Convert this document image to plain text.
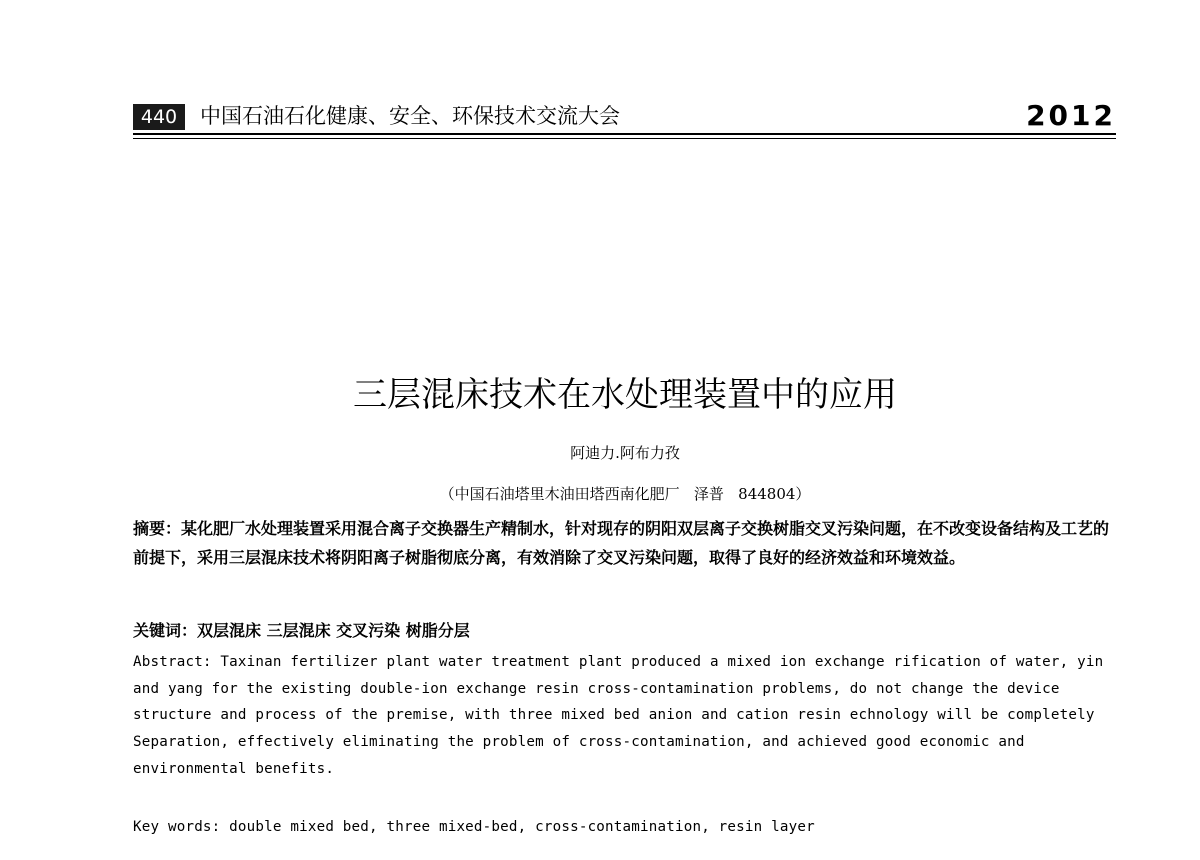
440	中国石油石化健康、安全、环保技术交流大会	2012
三层混床技术在水处理装置中的应用
阿迪力.阿布力孜
（中国石油塔里木油田塔西南化肥厂   泽普   844804）

摘要：某化肥厂水处理装置采用混合离子交换器生产精制水，针对现存的阴阳双层离子交换树脂交叉污染问题，在不改变设备结构及工艺的前提下，采用三层混床技术将阴阳离子树脂彻底分离，有效消除了交叉污染问题，取得了良好的经济效益和环境效益。

关键词：双层混床 三层混床 交叉污染 树脂分层

Abstract: Taxinan fertilizer plant water treatment plant produced a mixed ion exchange rification of water, yin and yang for the existing double-ion exchange resin cross-contamination problems, do not change the device structure and process of the premise, with three mixed bed anion and cation resin echnology will be completely Separation, effectively eliminating the problem of cross-contamination, and achieved good economic and environmental benefits.

Key words: double mixed bed, three mixed-bed, cross-contamination, resin layer
